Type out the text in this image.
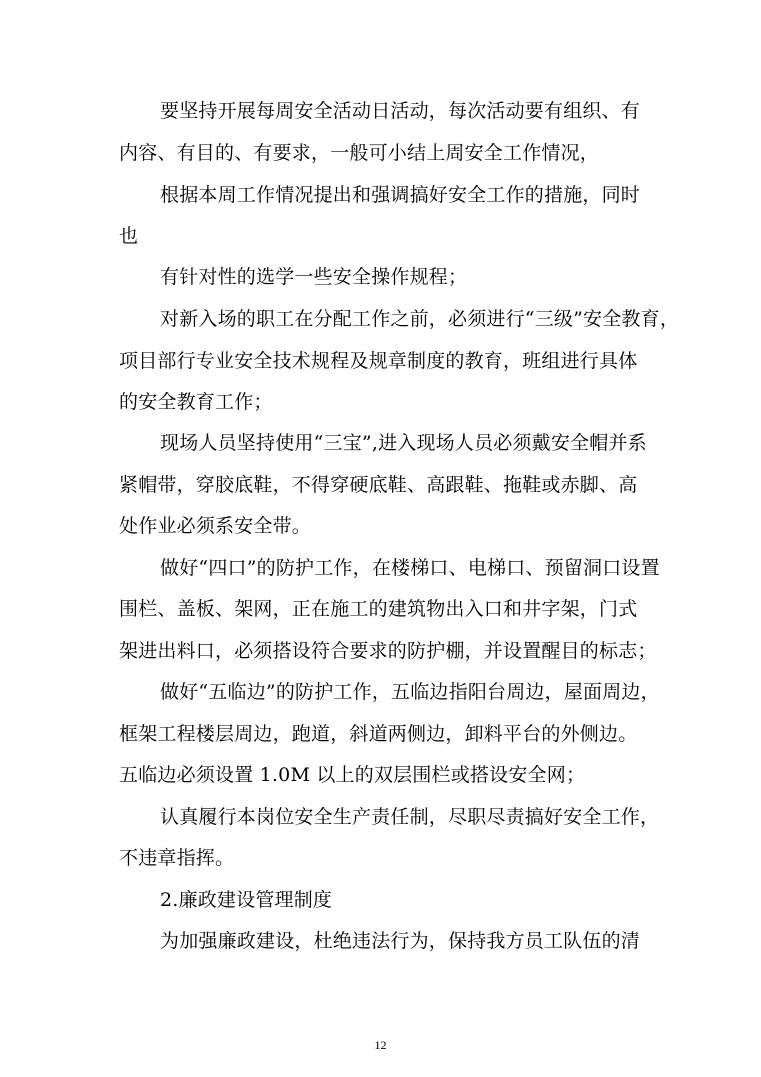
要坚持开展每周安全活动日活动，每次活动要有组织、有
内容、有目的、有要求，一般可小结上周安全工作情况，
根据本周工作情况提出和强调搞好安全工作的措施，同时
也
有针对性的选学一些安全操作规程；
对新入场的职工在分配工作之前，必须进行“三级”安全教育，
项目部行专业安全技术规程及规章制度的教育，班组进行具体
的安全教育工作；
现场人员坚持使用“三宝”,进入现场人员必须戴安全帽并系
紧帽带，穿胶底鞋，不得穿硬底鞋、高跟鞋、拖鞋或赤脚、高
处作业必须系安全带。
做好“四口”的防护工作，在楼梯口、电梯口、预留洞口设置
围栏、盖板、架网，正在施工的建筑物出入口和井字架，门式
架进出料口，必须搭设符合要求的防护棚，并设置醒目的标志；
做好“五临边”的防护工作，五临边指阳台周边，屋面周边，
框架工程楼层周边，跑道，斜道两侧边，卸料平台的外侧边。
五临边必须设置 1.0M 以上的双层围栏或搭设安全网；
认真履行本岗位安全生产责任制，尽职尽责搞好安全工作，
不违章指挥。
2.廉政建设管理制度
为加强廉政建设，杜绝违法行为，保持我方员工队伍的清
12
